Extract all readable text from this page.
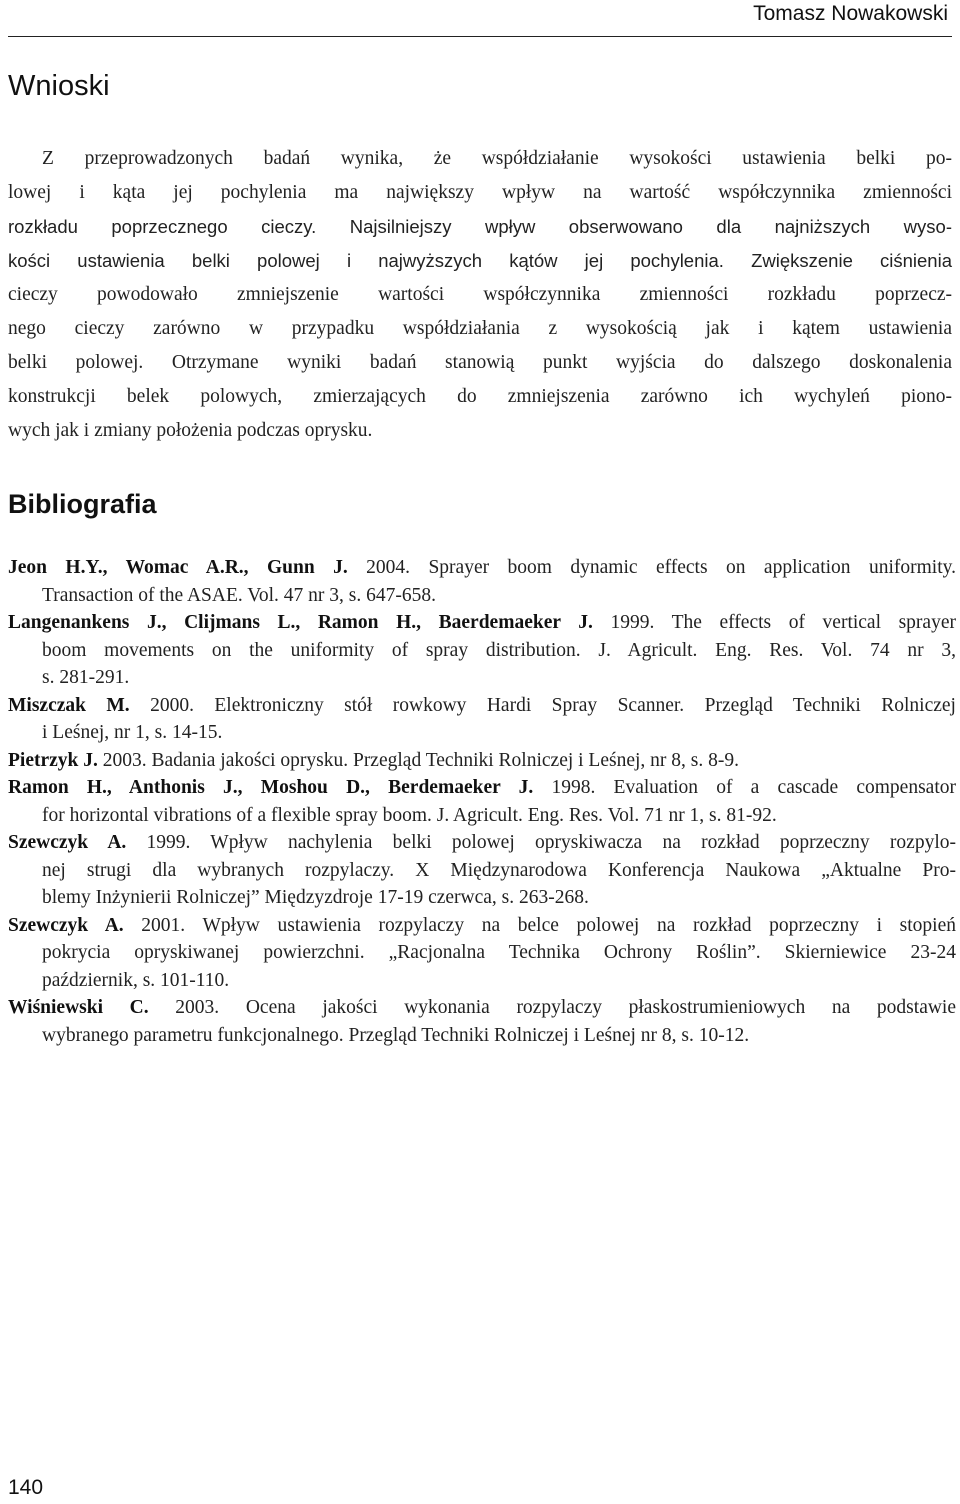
Tomasz Nowakowski
Wnioski
Z przeprowadzonych badań wynika, że współdziałanie wysokości ustawienia belki po-
lowej i kąta jej pochylenia ma największy wpływ na wartość współczynnika zmienności
rozkładu poprzecznego cieczy. Najsilniejszy wpływ obserwowano dla najniższych wyso-
kości ustawienia belki polowej i najwyższych kątów jej pochylenia. Zwiększenie ciśnienia
cieczy powodowało zmniejszenie wartości współczynnika zmienności rozkładu poprzecz-
nego cieczy zarówno w przypadku współdziałania z wysokością jak i kątem ustawienia
belki polowej. Otrzymane wyniki badań stanowią punkt wyjścia do dalszego doskonalenia
konstrukcji belek polowych, zmierzających do zmniejszenia zarówno ich wychyleń piono-
wych jak i zmiany położenia podczas oprysku.
Bibliografia
Jeon H.Y., Womac A.R., Gunn J. 2004. Sprayer boom dynamic effects on application uniformity.
Transaction of the ASAE. Vol. 47 nr 3, s. 647-658.
Langenankens J., Clijmans L., Ramon H., Baerdemaeker J. 1999. The effects of vertical sprayer
boom movements on the uniformity of spray distribution. J. Agricult. Eng. Res. Vol. 74 nr 3,
s. 281-291.
Miszczak M. 2000. Elektroniczny stół rowkowy Hardi Spray Scanner. Przegląd Techniki Rolniczej
i Leśnej, nr 1, s. 14-15.
Pietrzyk J. 2003. Badania jakości oprysku. Przegląd Techniki Rolniczej i Leśnej, nr 8, s. 8-9.
Ramon H., Anthonis J., Moshou D., Berdemaeker J. 1998. Evaluation of a cascade compensator
for horizontal vibrations of a flexible spray boom. J. Agricult. Eng. Res. Vol. 71 nr 1, s. 81-92.
Szewczyk A. 1999. Wpływ nachylenia belki polowej opryskiwacza na rozkład poprzeczny rozpylo-
nej strugi dla wybranych rozpylaczy. X Międzynarodowa Konferencja Naukowa „Aktualne Pro-
blemy Inżynierii Rolniczej” Międzyzdroje 17-19 czerwca, s. 263-268.
Szewczyk A. 2001. Wpływ ustawienia rozpylaczy na belce polowej na rozkład poprzeczny i stopień
pokrycia opryskiwanej powierzchni. „Racjonalna Technika Ochrony Roślin”. Skierniewice 23-24
październik, s. 101-110.
Wiśniewski C. 2003. Ocena jakości wykonania rozpylaczy płaskostrumieniowych na podstawie
wybranego parametru funkcjonalnego. Przegląd Techniki Rolniczej i Leśnej nr 8, s. 10-12.
140
